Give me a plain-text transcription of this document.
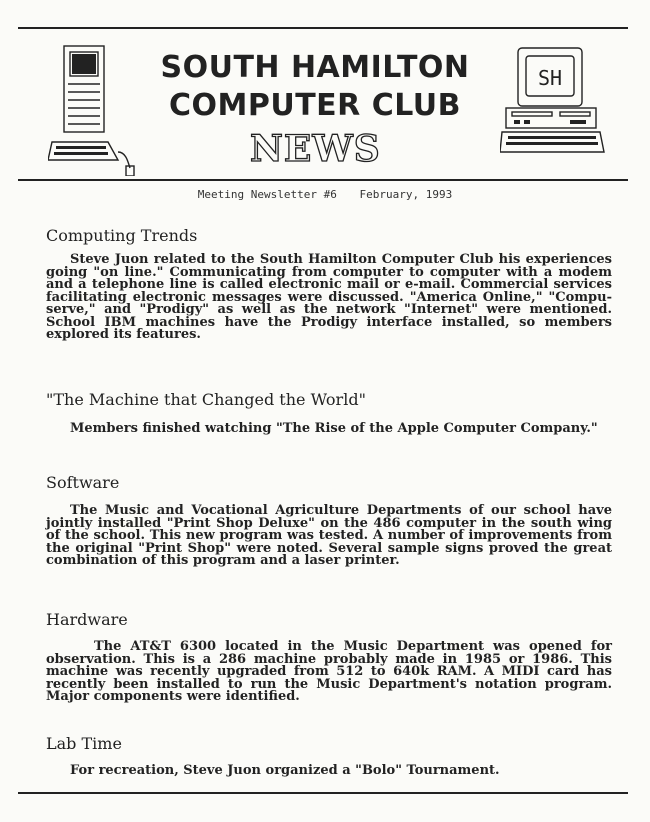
SH
SOUTH HAMILTON
COMPUTER CLUB
NEWS
Meeting Newsletter #6 February, 1993
Computing Trends

Steve Juon related to the South Hamilton Computer Club his experiences going "on line." Communicating from computer to computer with a modem and a telephone line is called electronic mail or e-mail. Commercial services facilitating electronic messages were discussed. "America Online," "Compu-serve," and "Prodigy" as well as the network "Internet" were mentioned. School IBM machines have the Prodigy interface installed, so members explored its features.

"The Machine that Changed the World"

Members finished watching "The Rise of the Apple Computer Company."

Software

The Music and Vocational Agriculture Departments of our school have jointly installed "Print Shop Deluxe" on the 486 computer in the south wing of the school. This new program was tested. A number of improvements from the original "Print Shop" were noted. Several sample signs proved the great combination of this program and a laser printer.

Hardware

The AT&T 6300 located in the Music Department was opened for observation. This is a 286 machine probably made in 1985 or 1986. This machine was recently upgraded from 512 to 640k RAM. A MIDI card has recently been installed to run the Music Department's notation program. Major components were identified.

Lab Time

For recreation, Steve Juon organized a "Bolo" Tournament.
